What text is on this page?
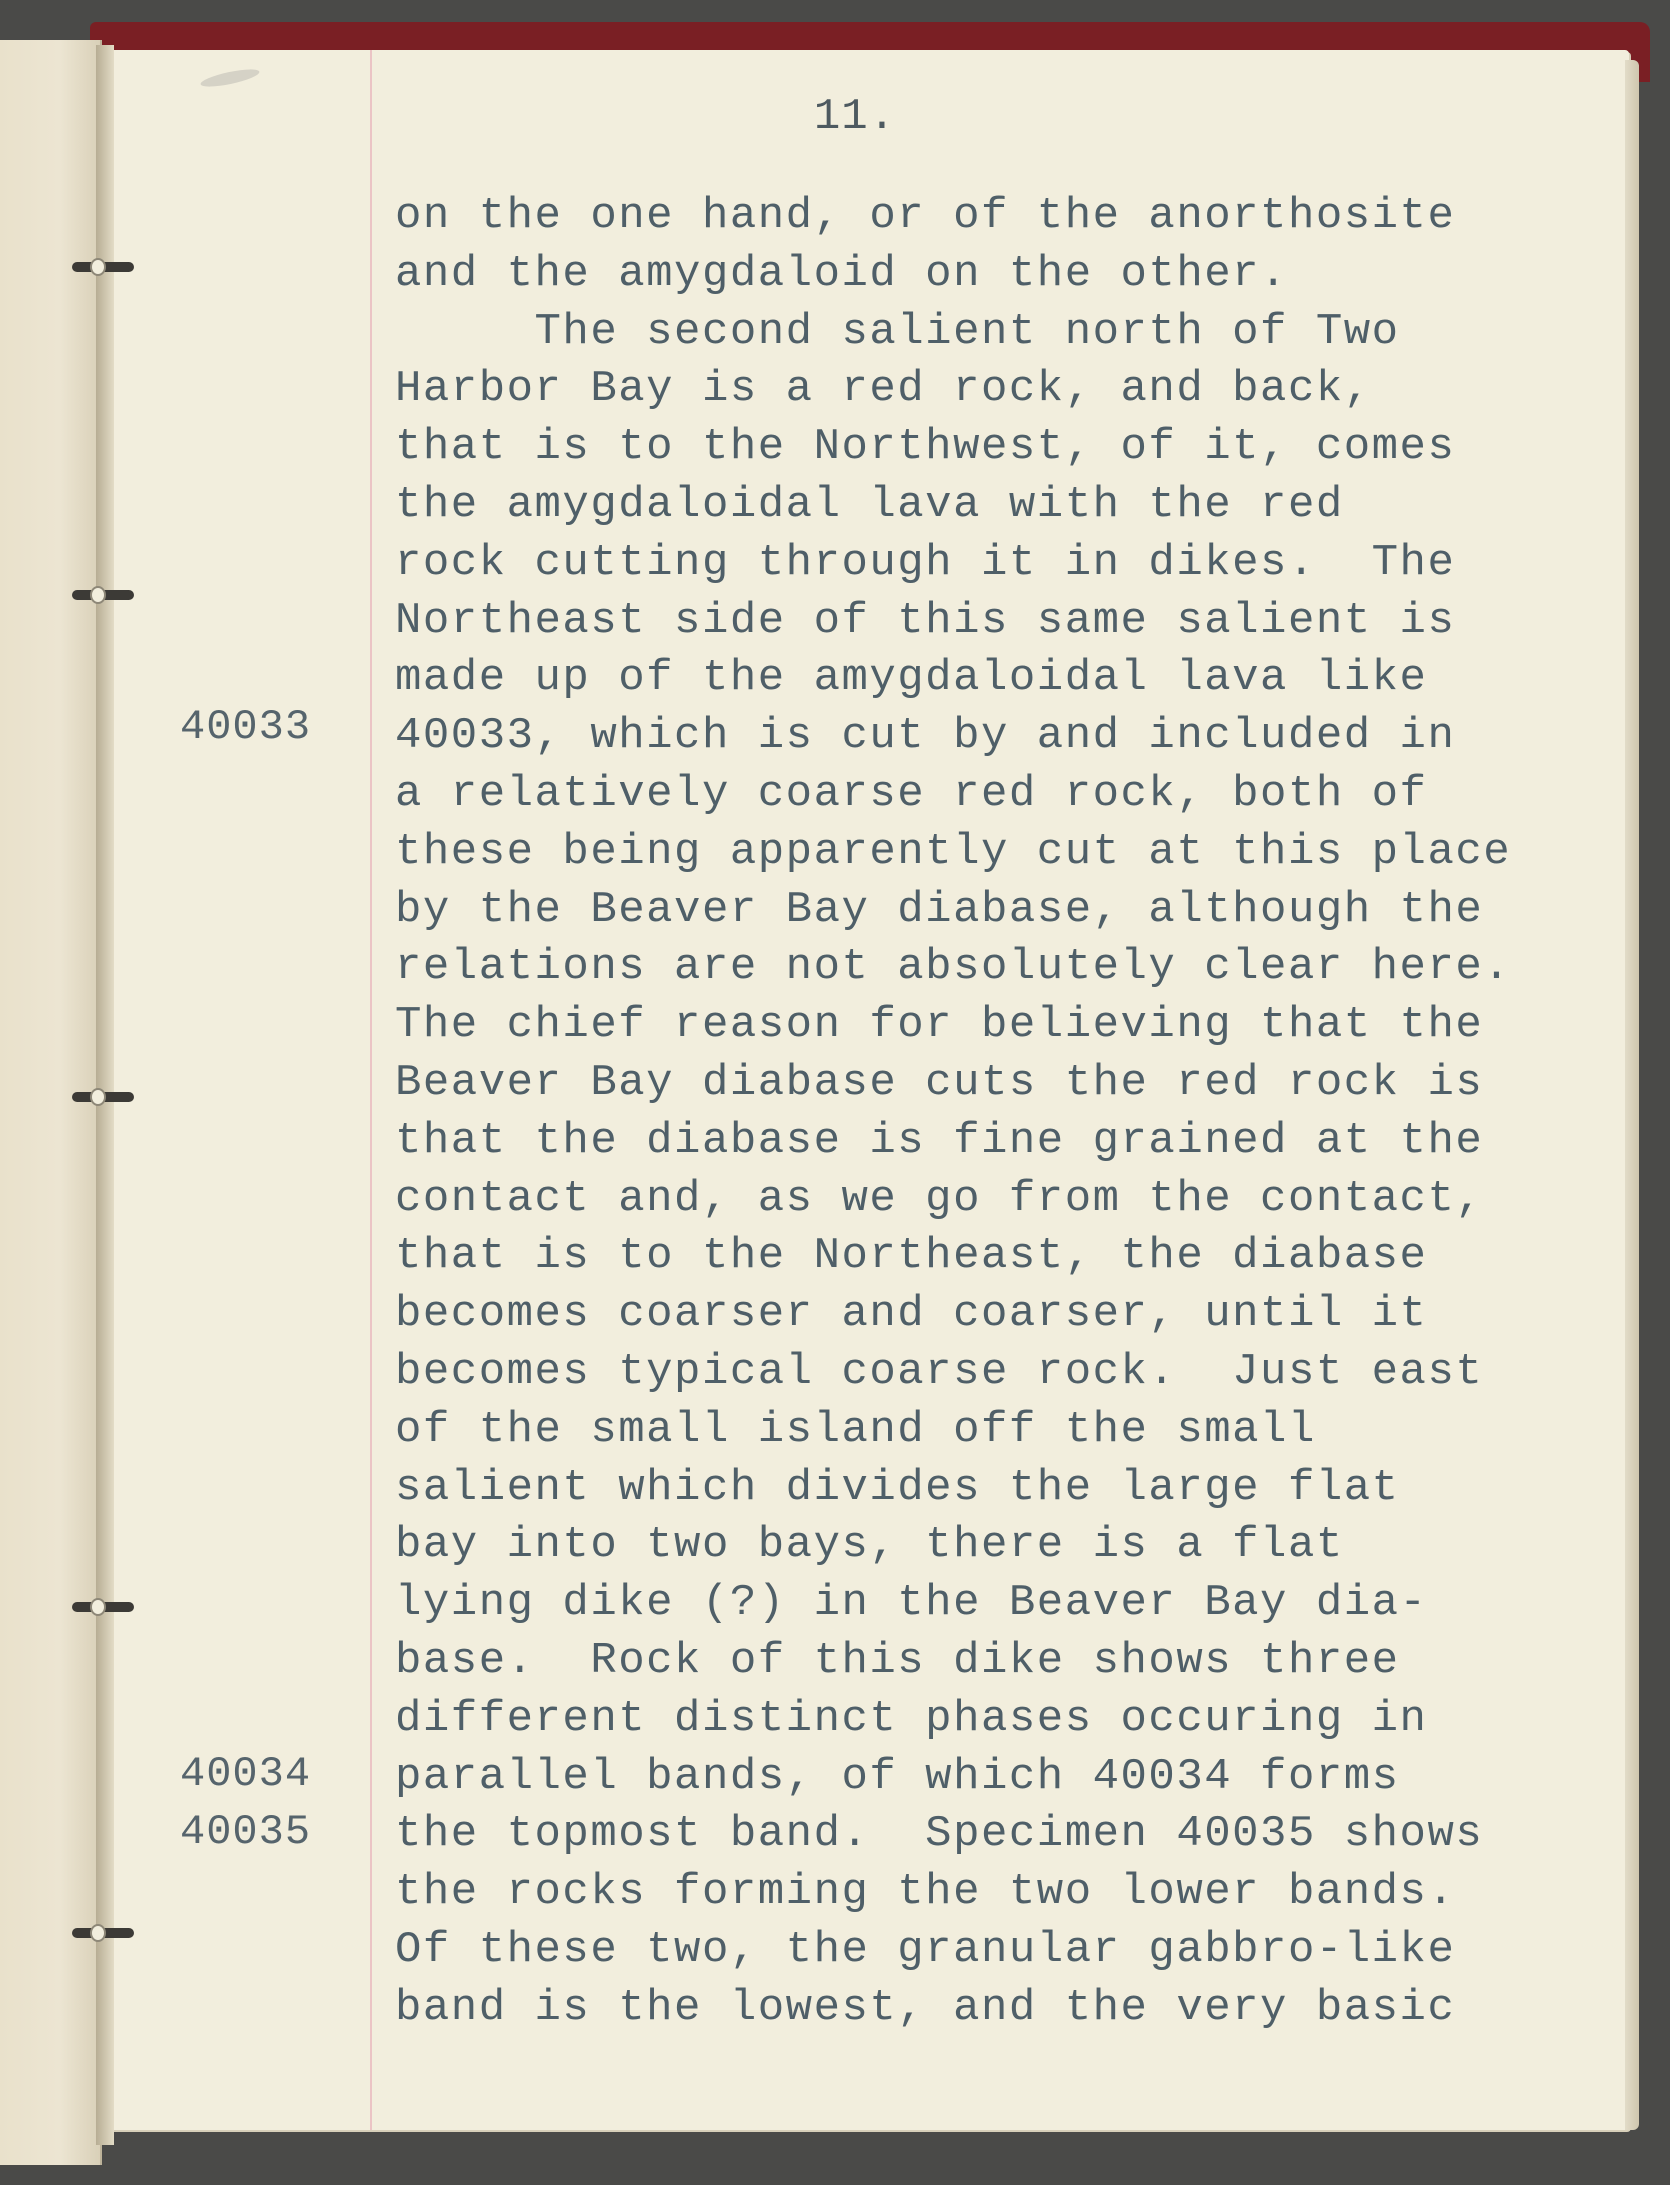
11.
on the one hand, or of the anorthosite
and the amygdaloid on the other.
The second salient north of Two
Harbor Bay is a red rock, and back,
that is to the Northwest, of it, comes
the amygdaloidal lava with the red
rock cutting through it in dikes.  The
Northeast side of this same salient is
made up of the amygdaloidal lava like
40033, which is cut by and included in
a relatively coarse red rock, both of
these being apparently cut at this place
by the Beaver Bay diabase, although the
relations are not absolutely clear here.
The chief reason for believing that the
Beaver Bay diabase cuts the red rock is
that the diabase is fine grained at the
contact and, as we go from the contact,
that is to the Northeast, the diabase
becomes coarser and coarser, until it
becomes typical coarse rock.  Just east
of the small island off the small
salient which divides the large flat
bay into two bays, there is a flat
lying dike (?) in the Beaver Bay dia-
base.  Rock of this dike shows three
different distinct phases occuring in
parallel bands, of which 40034 forms
the topmost band.  Specimen 40035 shows
the rocks forming the two lower bands.
Of these two, the granular gabbro-like
band is the lowest, and the very basic
40033
40034
40035
